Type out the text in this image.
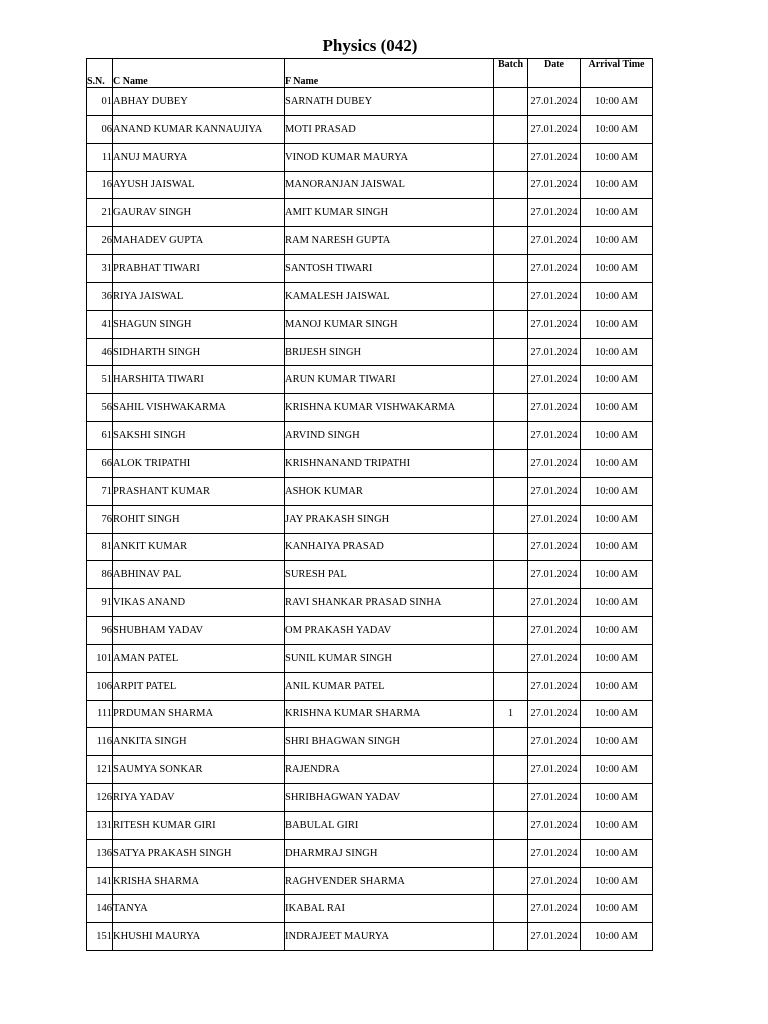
Physics (042)
S.N.	C Name	F Name	Batch	Date	Arrival Time
01	ABHAY DUBEY	SARNATH DUBEY		27.01.2024	10:00 AM
06	ANAND KUMAR KANNAUJIYA	MOTI PRASAD		27.01.2024	10:00 AM
11	ANUJ MAURYA	VINOD KUMAR MAURYA		27.01.2024	10:00 AM
16	AYUSH JAISWAL	MANORANJAN JAISWAL		27.01.2024	10:00 AM
21	GAURAV SINGH	AMIT KUMAR SINGH		27.01.2024	10:00 AM
26	MAHADEV GUPTA	RAM NARESH GUPTA		27.01.2024	10:00 AM
31	PRABHAT TIWARI	SANTOSH TIWARI		27.01.2024	10:00 AM
36	RIYA JAISWAL	KAMALESH JAISWAL		27.01.2024	10:00 AM
41	SHAGUN SINGH	MANOJ KUMAR SINGH		27.01.2024	10:00 AM
46	SIDHARTH SINGH	BRIJESH SINGH		27.01.2024	10:00 AM
51	HARSHITA TIWARI	ARUN KUMAR TIWARI		27.01.2024	10:00 AM
56	SAHIL VISHWAKARMA	KRISHNA KUMAR VISHWAKARMA		27.01.2024	10:00 AM
61	SAKSHI SINGH	ARVIND SINGH		27.01.2024	10:00 AM
66	ALOK TRIPATHI	KRISHNANAND TRIPATHI		27.01.2024	10:00 AM
71	PRASHANT KUMAR	ASHOK KUMAR		27.01.2024	10:00 AM
76	ROHIT SINGH	JAY PRAKASH SINGH		27.01.2024	10:00 AM
81	ANKIT KUMAR	KANHAIYA PRASAD		27.01.2024	10:00 AM
86	ABHINAV PAL	SURESH PAL		27.01.2024	10:00 AM
91	VIKAS ANAND	RAVI SHANKAR PRASAD SINHA		27.01.2024	10:00 AM
96	SHUBHAM YADAV	OM PRAKASH YADAV		27.01.2024	10:00 AM
101	AMAN PATEL	SUNIL KUMAR SINGH		27.01.2024	10:00 AM
106	ARPIT PATEL	ANIL KUMAR PATEL		27.01.2024	10:00 AM
111	PRDUMAN SHARMA	KRISHNA KUMAR SHARMA	1	27.01.2024	10:00 AM
116	ANKITA SINGH	SHRI BHAGWAN SINGH		27.01.2024	10:00 AM
121	SAUMYA SONKAR	RAJENDRA		27.01.2024	10:00 AM
126	RIYA YADAV	SHRIBHAGWAN YADAV		27.01.2024	10:00 AM
131	RITESH KUMAR GIRI	BABULAL GIRI		27.01.2024	10:00 AM
136	SATYA PRAKASH SINGH	DHARMRAJ SINGH		27.01.2024	10:00 AM
141	KRISHA SHARMA	RAGHVENDER SHARMA		27.01.2024	10:00 AM
146	TANYA	IKABAL RAI		27.01.2024	10:00 AM
151	KHUSHI MAURYA	INDRAJEET MAURYA		27.01.2024	10:00 AM
